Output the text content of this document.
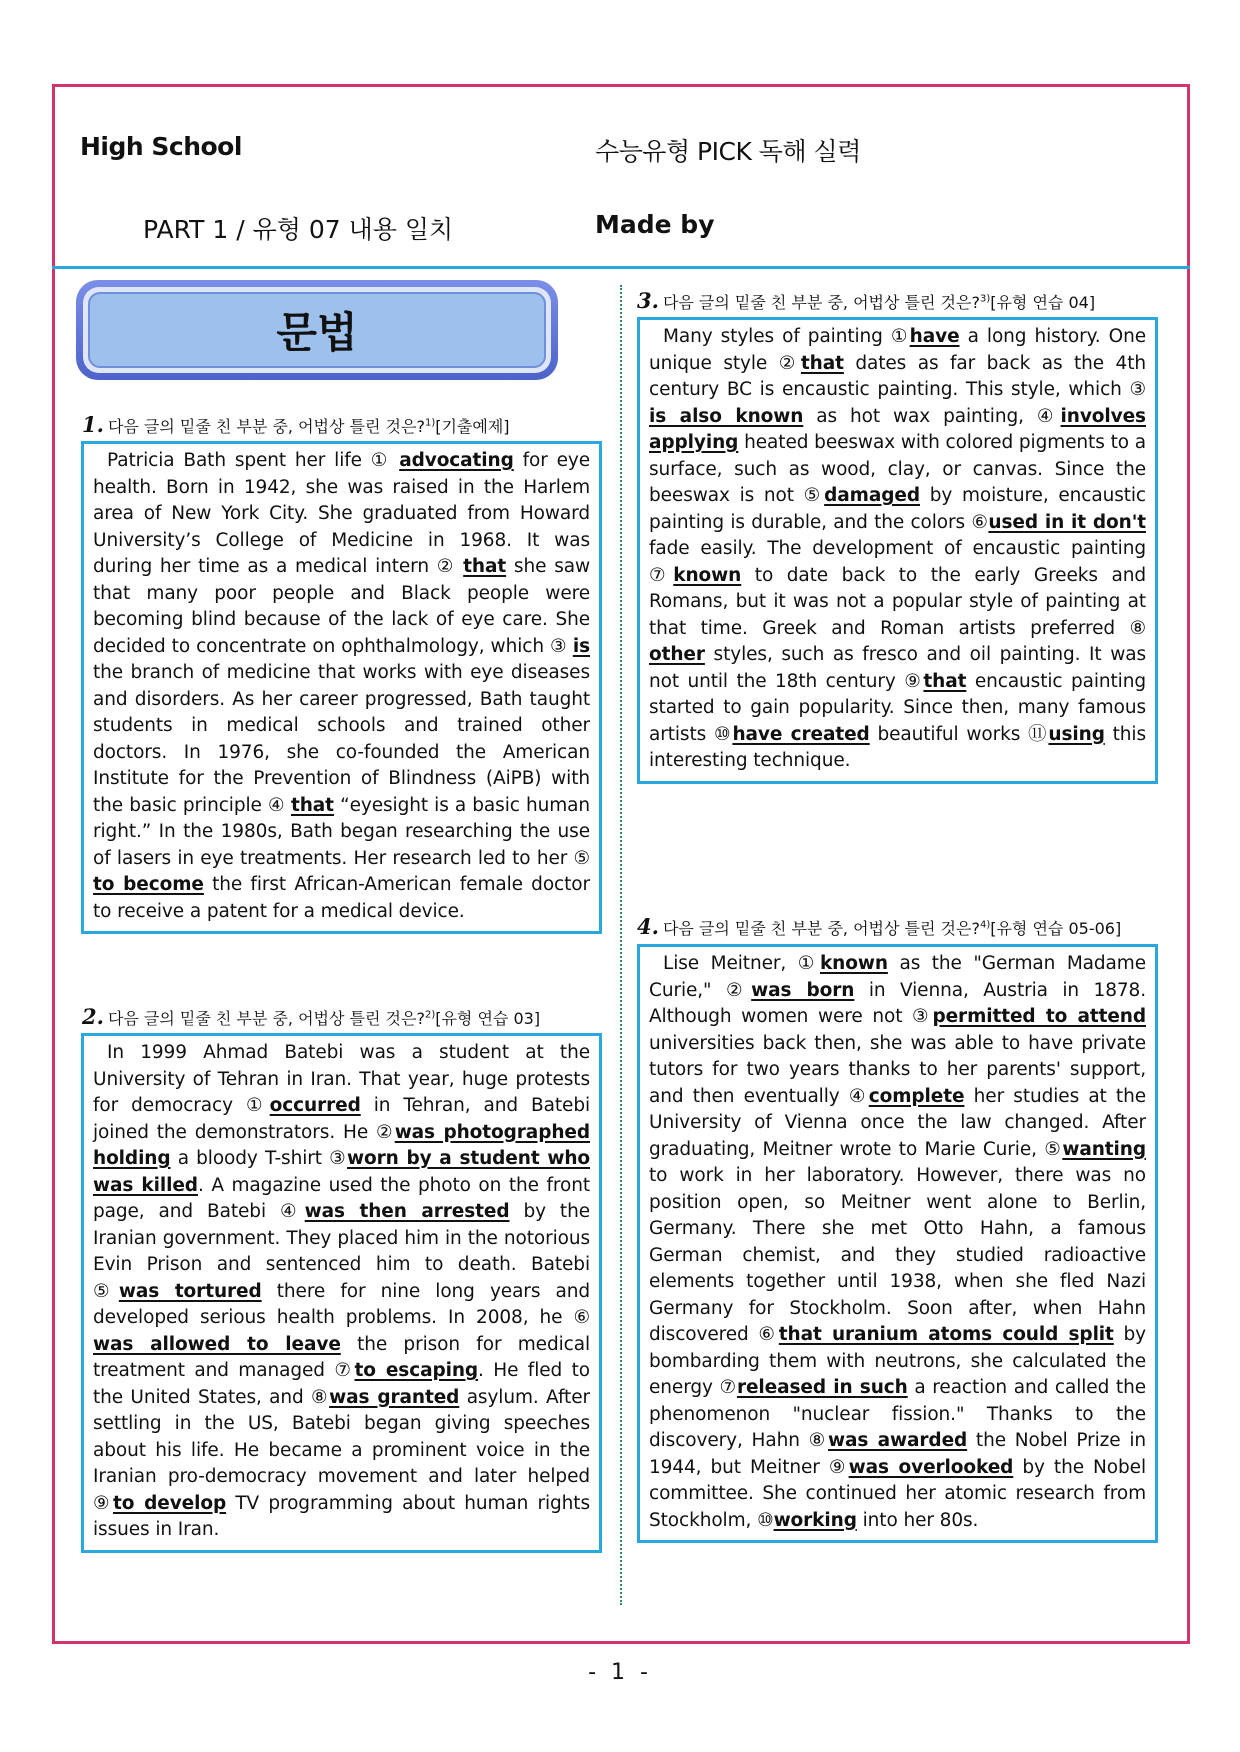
High School	수능유형 PICK 독해 실력
PART 1 / 유형 07 내용 일치	Made by
문법
1. 다음 글의 밑줄 친 부분 중, 어법상 틀린 것은?$^{1)}$[기출예제]
Patricia Bath spent her life ① advocating for eye health. Born in 1942, she was raised in the Harlem area of New York City. She graduated from Howard University’s College of Medicine in 1968. It was during her time as a medical intern ② that she saw that many poor people and Black people were becoming blind because of the lack of eye care. She decided to concentrate on ophthalmology, which ③ is the branch of medicine that works with eye diseases and disorders. As her career progressed, Bath taught students in medical schools and trained other doctors. In 1976, she co-founded the American Institute for the Prevention of Blindness (AiPB) with the basic principle ④ that “eyesight is a basic human right.” In the 1980s, Bath began researching the use of lasers in eye treatments. Her research led to her ⑤ to become the first African-American female doctor to receive a patent for a medical device.
2. 다음 글의 밑줄 친 부분 중, 어법상 틀린 것은?$^{2)}$[유형 연습 03]
In 1999 Ahmad Batebi was a student at the University of Tehran in Iran. That year, huge protests for democracy ①occurred in Tehran, and Batebi joined the demonstrators. He ②was photographed holding a bloody T-shirt ③worn by a student who was killed. A magazine used the photo on the front page, and Batebi ④was then arrested by the Iranian government. They placed him in the notorious Evin Prison and sentenced him to death. Batebi ⑤was tortured there for nine long years and developed serious health problems. In 2008, he ⑥ was allowed to leave the prison for medical treatment and managed ⑦to escaping. He fled to the United States, and ⑧was granted asylum. After settling in the US, Batebi began giving speeches about his life. He became a prominent voice in the Iranian pro-democracy movement and later helped ⑨to develop TV programming about human rights issues in Iran.
3. 다음 글의 밑줄 친 부분 중, 어법상 틀린 것은?$^{3)}$[유형 연습 04]
Many styles of painting ①have a long history. One unique style ②that dates as far back as the 4th century BC is encaustic painting. This style, which ③ is also known as hot wax painting, ④involves applying heated beeswax with colored pigments to a surface, such as wood, clay, or canvas. Since the beeswax is not ⑤damaged by moisture, encaustic painting is durable, and the colors ⑥used in it don't fade easily. The development of encaustic painting ⑦known to date back to the early Greeks and Romans, but it was not a popular style of painting at that time. Greek and Roman artists preferred ⑧ other styles, such as fresco and oil painting. It was not until the 18th century ⑨that encaustic painting started to gain popularity. Since then, many famous artists ⑩have created beautiful works ⑪using this interesting technique.
4. 다음 글의 밑줄 친 부분 중, 어법상 틀린 것은?$^{4)}$[유형 연습 05-06]
Lise Meitner, ①known as the "German Madame Curie," ②was born in Vienna, Austria in 1878. Although women were not ③permitted to attend universities back then, she was able to have private tutors for two years thanks to her parents' support, and then eventually ④complete her studies at the University of Vienna once the law changed. After graduating, Meitner wrote to Marie Curie, ⑤wanting to work in her laboratory. However, there was no position open, so Meitner went alone to Berlin, Germany. There she met Otto Hahn, a famous German chemist, and they studied radioactive elements together until 1938, when she fled Nazi Germany for Stockholm. Soon after, when Hahn discovered ⑥that uranium atoms could split by bombarding them with neutrons, she calculated the energy ⑦released in such a reaction and called the phenomenon "nuclear fission." Thanks to the discovery, Hahn ⑧was awarded the Nobel Prize in 1944, but Meitner ⑨was overlooked by the Nobel committee. She continued her atomic research from Stockholm, ⑩working into her 80s.
- 1 -
